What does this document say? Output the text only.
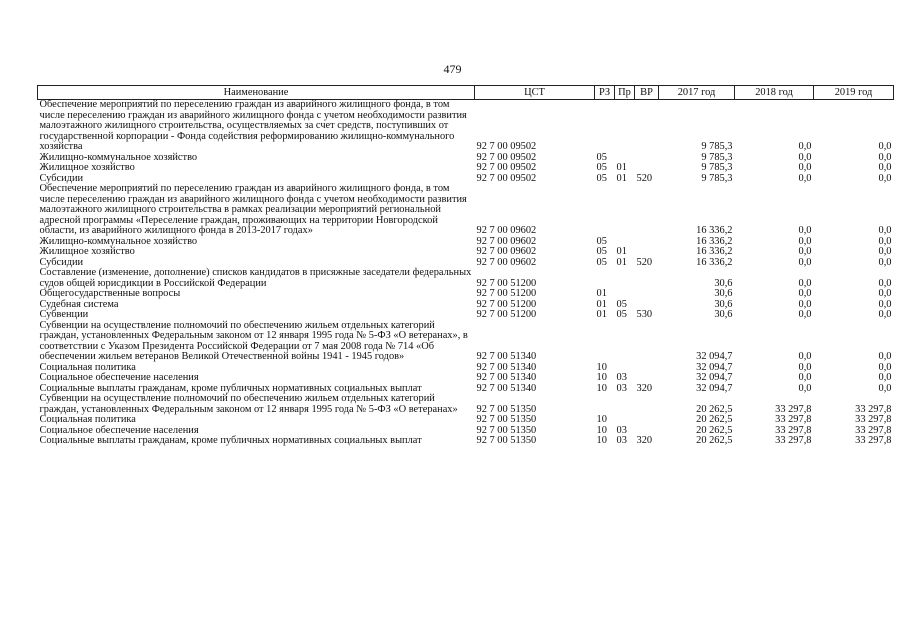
479
Наименование	ЦСТ	РЗ	Пр	ВР	2017 год	2018 год	2019 год
Обеспечение мероприятий по переселению граждан из аварийного жилищного фонда, в том числе переселению граждан из аварийного жилищного фонда с учетом необходимости развития малоэтажного жилищного строительства, осуществляемых за счет средств, поступивших от государственной корпорации - Фонда содействия реформированию жилищно-коммунального хозяйства	92 7 00 09502				9 785,3	0,0	0,0
Жилищно-коммунальное хозяйство	92 7 00 09502	05			9 785,3	0,0	0,0
Жилищное хозяйство	92 7 00 09502	05	01		9 785,3	0,0	0,0
Субсидии	92 7 00 09502	05	01	520	9 785,3	0,0	0,0
Обеспечение мероприятий по переселению граждан из аварийного жилищного фонда, в том числе переселению граждан из аварийного жилищного фонда с учетом необходимости развития малоэтажного жилищного строительства в рамках реализации мероприятий региональной адресной программы «Переселение граждан, проживающих на территории Новгородской области, из аварийного жилищного фонда в 2013-2017 годах»	92 7 00 09602				16 336,2	0,0	0,0
Жилищно-коммунальное хозяйство	92 7 00 09602	05			16 336,2	0,0	0,0
Жилищное хозяйство	92 7 00 09602	05	01		16 336,2	0,0	0,0
Субсидии	92 7 00 09602	05	01	520	16 336,2	0,0	0,0
Составление (изменение, дополнение) списков кандидатов в присяжные заседатели федеральных судов общей юрисдикции в Российской Федерации	92 7 00 51200				30,6	0,0	0,0
Общегосударственные вопросы	92 7 00 51200	01			30,6	0,0	0,0
Судебная система	92 7 00 51200	01	05		30,6	0,0	0,0
Субвенции	92 7 00 51200	01	05	530	30,6	0,0	0,0
Субвенции на осуществление полномочий по обеспечению жильем отдельных категорий граждан, установленных Федеральным законом от 12 января 1995 года № 5-ФЗ «О ветеранах», в соответствии с Указом Президента Российской Федерации от 7 мая 2008 года № 714 «Об обеспечении жильем ветеранов Великой Отечественной войны 1941 - 1945 годов»	92 7 00 51340				32 094,7	0,0	0,0
Социальная политика	92 7 00 51340	10			32 094,7	0,0	0,0
Социальное обеспечение населения	92 7 00 51340	10	03		32 094,7	0,0	0,0
Социальные выплаты гражданам, кроме публичных нормативных социальных выплат	92 7 00 51340	10	03	320	32 094,7	0,0	0,0
Субвенции на осуществление полномочий по обеспечению жильем отдельных категорий граждан, установленных Федеральным законом от 12 января 1995 года № 5-ФЗ «О ветеранах»	92 7 00 51350				20 262,5	33 297,8	33 297,8
Социальная политика	92 7 00 51350	10			20 262,5	33 297,8	33 297,8
Социальное обеспечение населения	92 7 00 51350	10	03		20 262,5	33 297,8	33 297,8
Социальные выплаты гражданам, кроме публичных нормативных социальных выплат	92 7 00 51350	10	03	320	20 262,5	33 297,8	33 297,8
